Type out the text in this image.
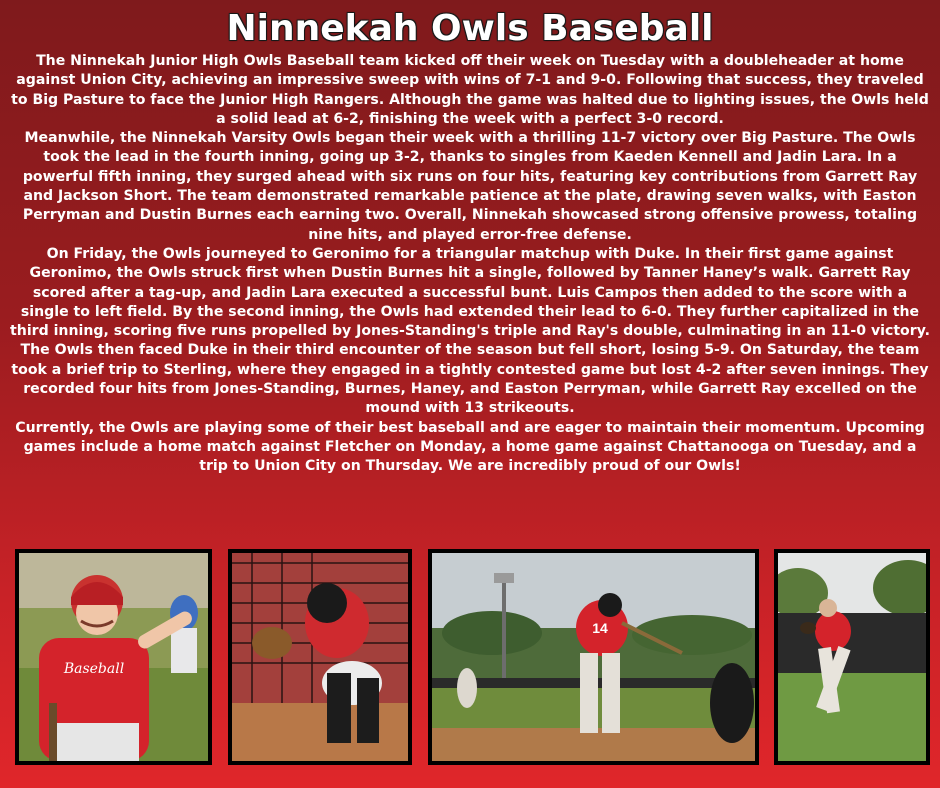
Ninnekah Owls Baseball

The Ninnekah Junior High Owls Baseball team kicked off their week on Tuesday with a doubleheader at home against Union City, achieving an impressive sweep with wins of 7-1 and 9-0. Following that success, they traveled to Big Pasture to face the Junior High Rangers. Although the game was halted due to lighting issues, the Owls held a solid lead at 6-2, finishing the week with a perfect 3-0 record.

Meanwhile, the Ninnekah Varsity Owls began their week with a thrilling 11-7 victory over Big Pasture. The Owls took the lead in the fourth inning, going up 3-2, thanks to singles from Kaeden Kennell and Jadin Lara. In a powerful fifth inning, they surged ahead with six runs on four hits, featuring key contributions from Garrett Ray and Jackson Short. The team demonstrated remarkable patience at the plate, drawing seven walks, with Easton Perryman and Dustin Burnes each earning two. Overall, Ninnekah showcased strong offensive prowess, totaling nine hits, and played error-free defense.

On Friday, the Owls journeyed to Geronimo for a triangular matchup with Duke. In their first game against Geronimo, the Owls struck first when Dustin Burnes hit a single, followed by Tanner Haney’s walk. Garrett Ray scored after a tag-up, and Jadin Lara executed a successful bunt. Luis Campos then added to the score with a single to left field. By the second inning, the Owls had extended their lead to 6-0. They further capitalized in the third inning, scoring five runs propelled by Jones-Standing's triple and Ray's double, culminating in an 11-0 victory.

The Owls then faced Duke in their third encounter of the season but fell short, losing 5-9. On Saturday, the team took a brief trip to Sterling, where they engaged in a tightly contested game but lost 4-2 after seven innings. They recorded four hits from Jones-Standing, Burnes, Haney, and Easton Perryman, while Garrett Ray excelled on the mound with 13 strikeouts.

Currently, the Owls are playing some of their best baseball and are eager to maintain their momentum. Upcoming games include a home match against Fletcher on Monday, a home game against Chattanooga on Tuesday, and a trip to Union City on Thursday. We are incredibly proud of our Owls!

Baseball
14
